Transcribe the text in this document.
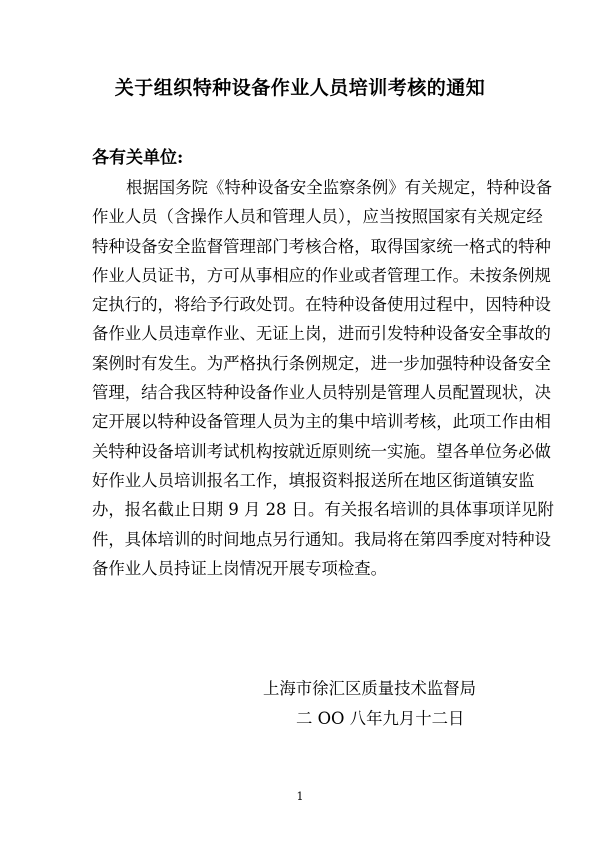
关于组织特种设备作业人员培训考核的通知
各有关单位:
根据国务院《特种设备安全监察条例》有关规定，特种设备
作业人员（含操作人员和管理人员），应当按照国家有关规定经
特种设备安全监督管理部门考核合格，取得国家统一格式的特种
作业人员证书，方可从事相应的作业或者管理工作。未按条例规
定执行的，将给予行政处罚。在特种设备使用过程中，因特种设
备作业人员违章作业、无证上岗，进而引发特种设备安全事故的
案例时有发生。为严格执行条例规定，进一步加强特种设备安全
管理，结合我区特种设备作业人员特别是管理人员配置现状，决
定开展以特种设备管理人员为主的集中培训考核，此项工作由相
关特种设备培训考试机构按就近原则统一实施。望各单位务必做
好作业人员培训报名工作，填报资料报送所在地区街道镇安监
办，报名截止日期 9 月 28 日。有关报名培训的具体事项详见附
件，具体培训的时间地点另行通知。我局将在第四季度对特种设
备作业人员持证上岗情况开展专项检查。
上海市徐汇区质量技术监督局
二 OO 八年九月十二日
1
